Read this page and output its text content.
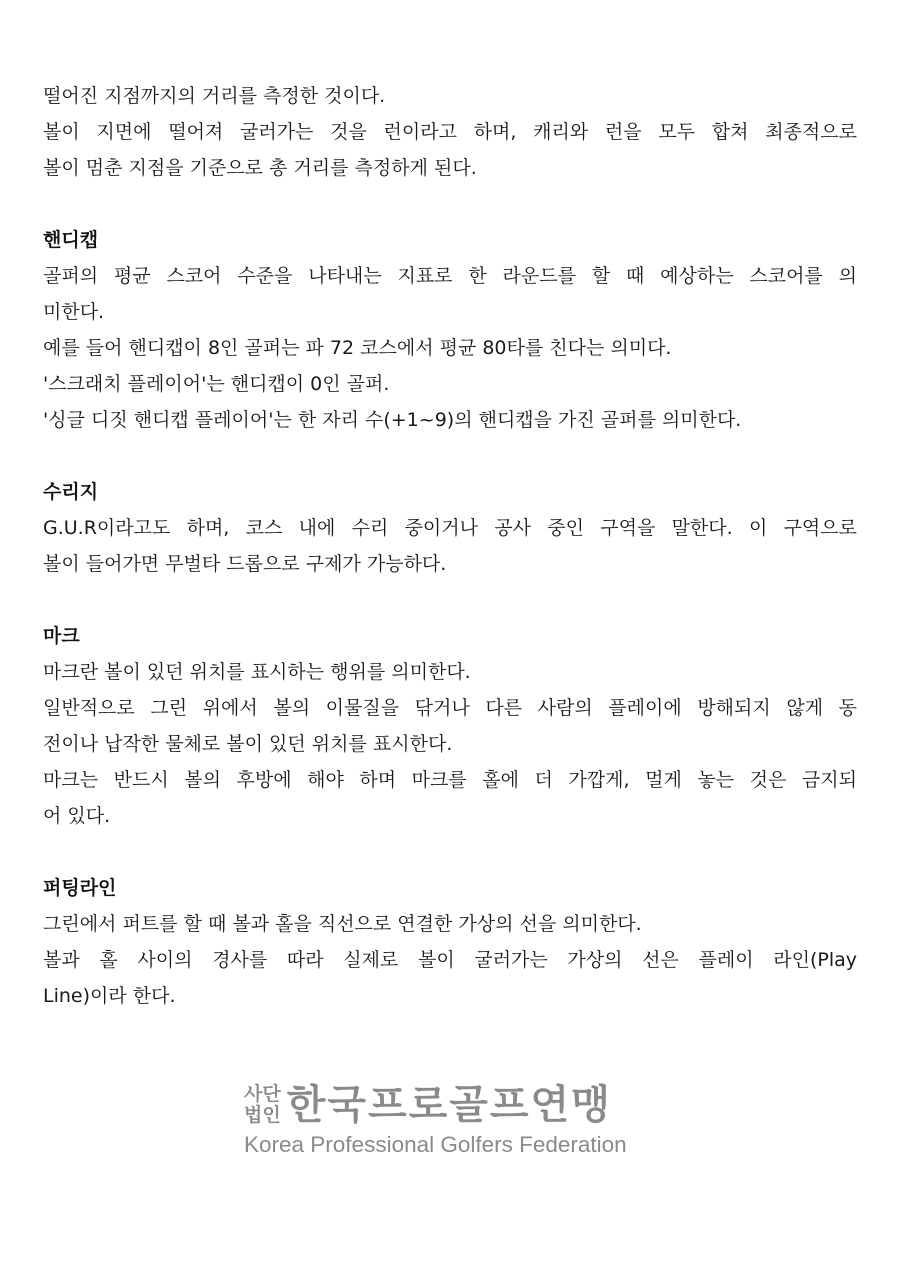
떨어진 지점까지의 거리를 측정한 것이다.
볼이 지면에 떨어져 굴러가는 것을 런이라고 하며, 캐리와 런을 모두 합쳐 최종적으로
볼이 멈춘 지점을 기준으로 총 거리를 측정하게 된다.
핸디캡
골퍼의 평균 스코어 수준을 나타내는 지표로 한 라운드를 할 때 예상하는 스코어를 의
미한다.
예를 들어 핸디캡이 8인 골퍼는 파 72 코스에서 평균 80타를 친다는 의미다.
'스크래치 플레이어'는 핸디캡이 0인 골퍼.
'싱글 디짓 핸디캡 플레이어'는 한 자리 수(+1~9)의 핸디캡을 가진 골퍼를 의미한다.
수리지
G.U.R이라고도 하며, 코스 내에 수리 중이거나 공사 중인 구역을 말한다. 이 구역으로
볼이 들어가면 무벌타 드롭으로 구제가 가능하다.
마크
마크란 볼이 있던 위치를 표시하는 행위를 의미한다.
일반적으로 그린 위에서 볼의 이물질을 닦거나 다른 사람의 플레이에 방해되지 않게 동
전이나 납작한 물체로 볼이 있던 위치를 표시한다.
마크는 반드시 볼의 후방에 해야 하며 마크를 홀에 더 가깝게, 멀게 놓는 것은 금지되
어 있다.
퍼팅라인
그린에서 퍼트를 할 때 볼과 홀을 직선으로 연결한 가상의 선을 의미한다.
볼과 홀 사이의 경사를 따라 실제로 볼이 굴러가는 가상의 선은 플레이 라인(Play
Line)이라 한다.
사단
법인 한국프로골프연맹
Korea Professional Golfers Federation
